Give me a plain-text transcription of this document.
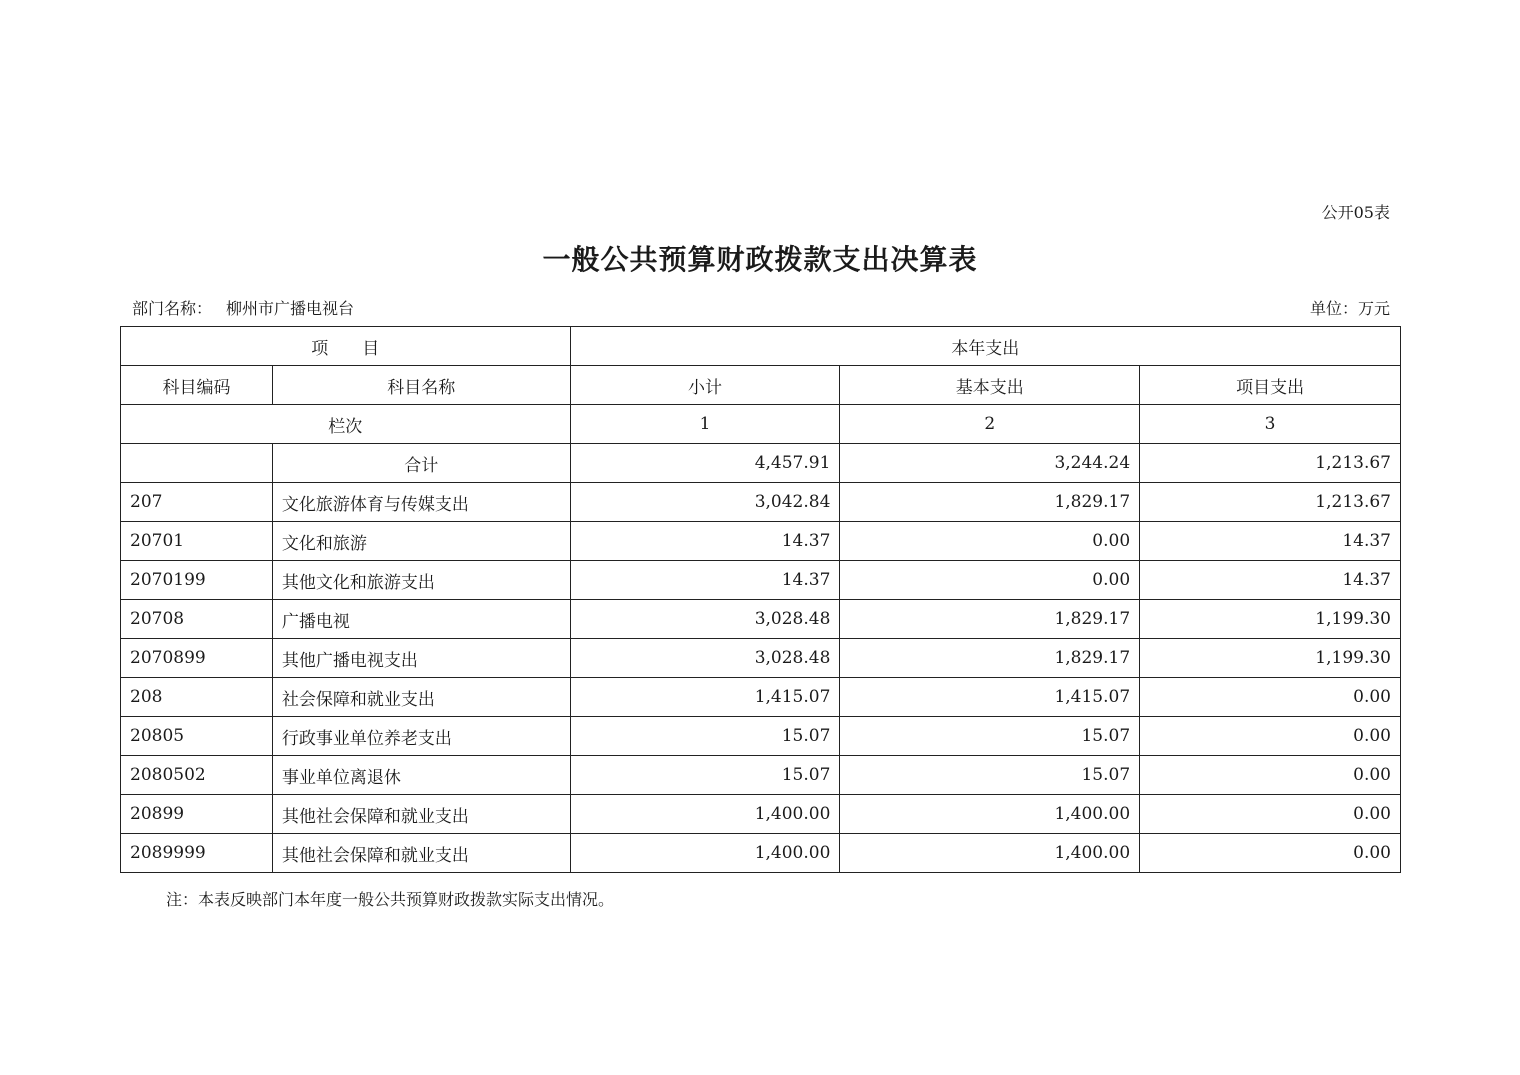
公开05表
一般公共预算财政拨款支出决算表
部门名称： 柳州市广播电视台	单位：万元
项　　目		本年支出		
科目编码	科目名称	小计	基本支出	项目支出
栏次		1	2	3
	合计	4,457.91	3,244.24	1,213.67
207	文化旅游体育与传媒支出	3,042.84	1,829.17	1,213.67
20701	文化和旅游	14.37	0.00	14.37
2070199	其他文化和旅游支出	14.37	0.00	14.37
20708	广播电视	3,028.48	1,829.17	1,199.30
2070899	其他广播电视支出	3,028.48	1,829.17	1,199.30
208	社会保障和就业支出	1,415.07	1,415.07	0.00
20805	行政事业单位养老支出	15.07	15.07	0.00
2080502	事业单位离退休	15.07	15.07	0.00
20899	其他社会保障和就业支出	1,400.00	1,400.00	0.00
2089999	其他社会保障和就业支出	1,400.00	1,400.00	0.00
注：本表反映部门本年度一般公共预算财政拨款实际支出情况。
